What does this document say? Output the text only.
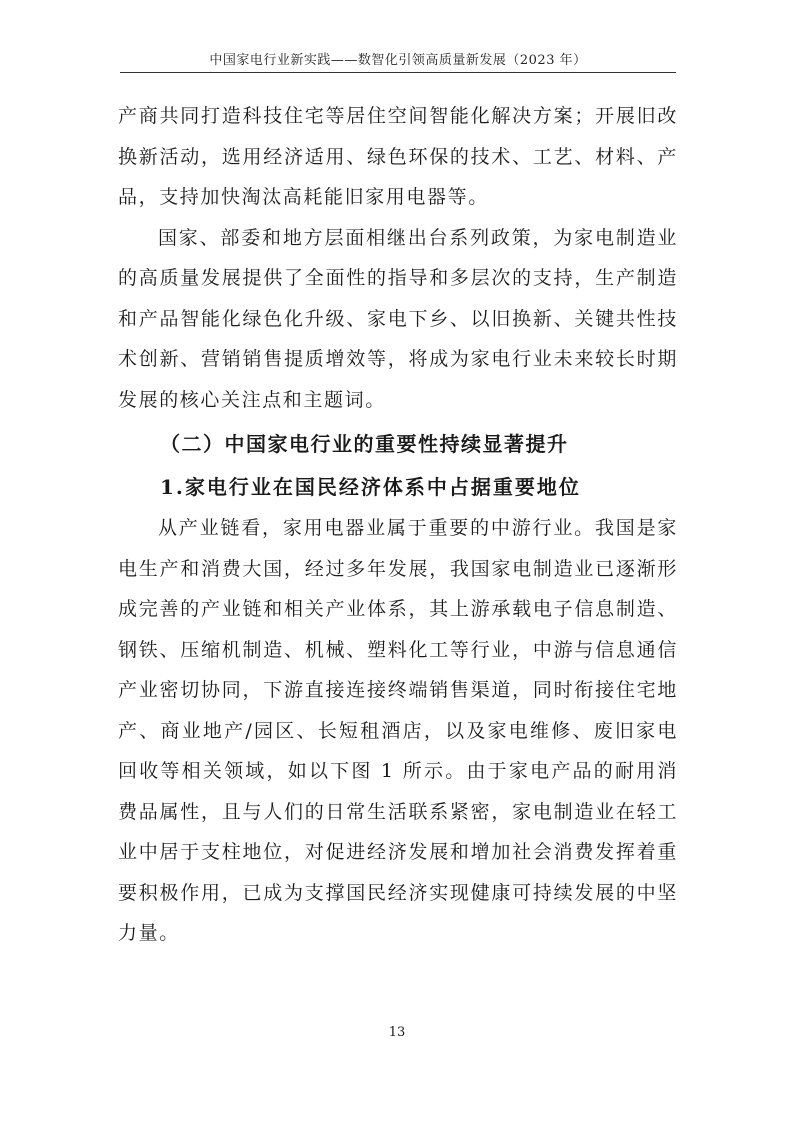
中国家电行业新实践——数智化引领高质量新发展（2023 年）

产商共同打造科技住宅等居住空间智能化解决方案；开展旧改换新活动，选用经济适用、绿色环保的技术、工艺、材料、产品，支持加快淘汰高耗能旧家用电器等。

国家、部委和地方层面相继出台系列政策，为家电制造业的高质量发展提供了全面性的指导和多层次的支持，生产制造和产品智能化绿色化升级、家电下乡、以旧换新、关键共性技术创新、营销销售提质增效等，将成为家电行业未来较长时期发展的核心关注点和主题词。

（二）中国家电行业的重要性持续显著提升
1.家电行业在国民经济体系中占据重要地位

从产业链看，家用电器业属于重要的中游行业。我国是家电生产和消费大国，经过多年发展，我国家电制造业已逐渐形成完善的产业链和相关产业体系，其上游承载电子信息制造、钢铁、压缩机制造、机械、塑料化工等行业，中游与信息通信产业密切协同，下游直接连接终端销售渠道，同时衔接住宅地产、商业地产/园区、长短租酒店，以及家电维修、废旧家电回收等相关领域，如以下图 1 所示。由于家电产品的耐用消费品属性，且与人们的日常生活联系紧密，家电制造业在轻工业中居于支柱地位，对促进经济发展和增加社会消费发挥着重要积极作用，已成为支撑国民经济实现健康可持续发展的中坚力量。

13
